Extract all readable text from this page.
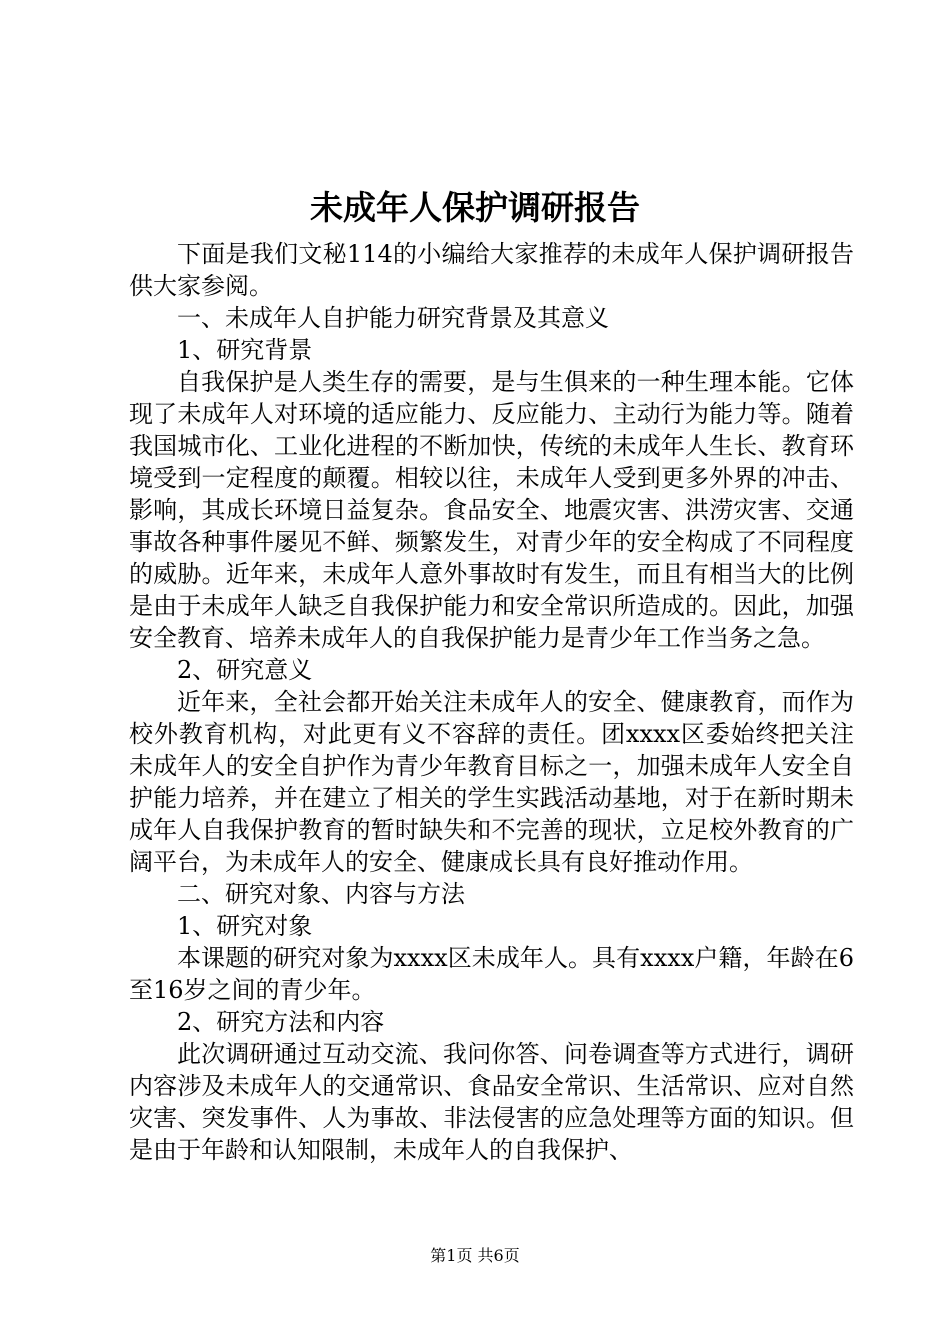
未成年人保护调研报告

下面是我们文秘114的小编给大家推荐的未成年人保护调研报告供大家参阅。

一、未成年人自护能力研究背景及其意义

1、研究背景

自我保护是人类生存的需要，是与生俱来的一种生理本能。它体现了未成年人对环境的适应能力、反应能力、主动行为能力等。随着我国城市化、工业化进程的不断加快，传统的未成年人生长、教育环境受到一定程度的颠覆。相较以往，未成年人受到更多外界的冲击、影响，其成长环境日益复杂。食品安全、地震灾害、洪涝灾害、交通事故各种事件屡见不鲜、频繁发生，对青少年的安全构成了不同程度的威胁。近年来，未成年人意外事故时有发生，而且有相当大的比例是由于未成年人缺乏自我保护能力和安全常识所造成的。因此，加强安全教育、培养未成年人的自我保护能力是青少年工作当务之急。

2、研究意义

近年来，全社会都开始关注未成年人的安全、健康教育，而作为校外教育机构，对此更有义不容辞的责任。团xxxx区委始终把关注未成年人的安全自护作为青少年教育目标之一，加强未成年人安全自护能力培养，并在建立了相关的学生实践活动基地，对于在新时期未成年人自我保护教育的暂时缺失和不完善的现状，立足校外教育的广阔平台，为未成年人的安全、健康成长具有良好推动作用。

二、研究对象、内容与方法

1、研究对象

本课题的研究对象为xxxx区未成年人。具有xxxx户籍，年龄在6至16岁之间的青少年。

2、研究方法和内容

此次调研通过互动交流、我问你答、问卷调查等方式进行，调研内容涉及未成年人的交通常识、食品安全常识、生活常识、应对自然灾害、突发事件、人为事故、非法侵害的应急处理等方面的知识。但是由于年龄和认知限制，未成年人的自我保护、

第1页 共6页
